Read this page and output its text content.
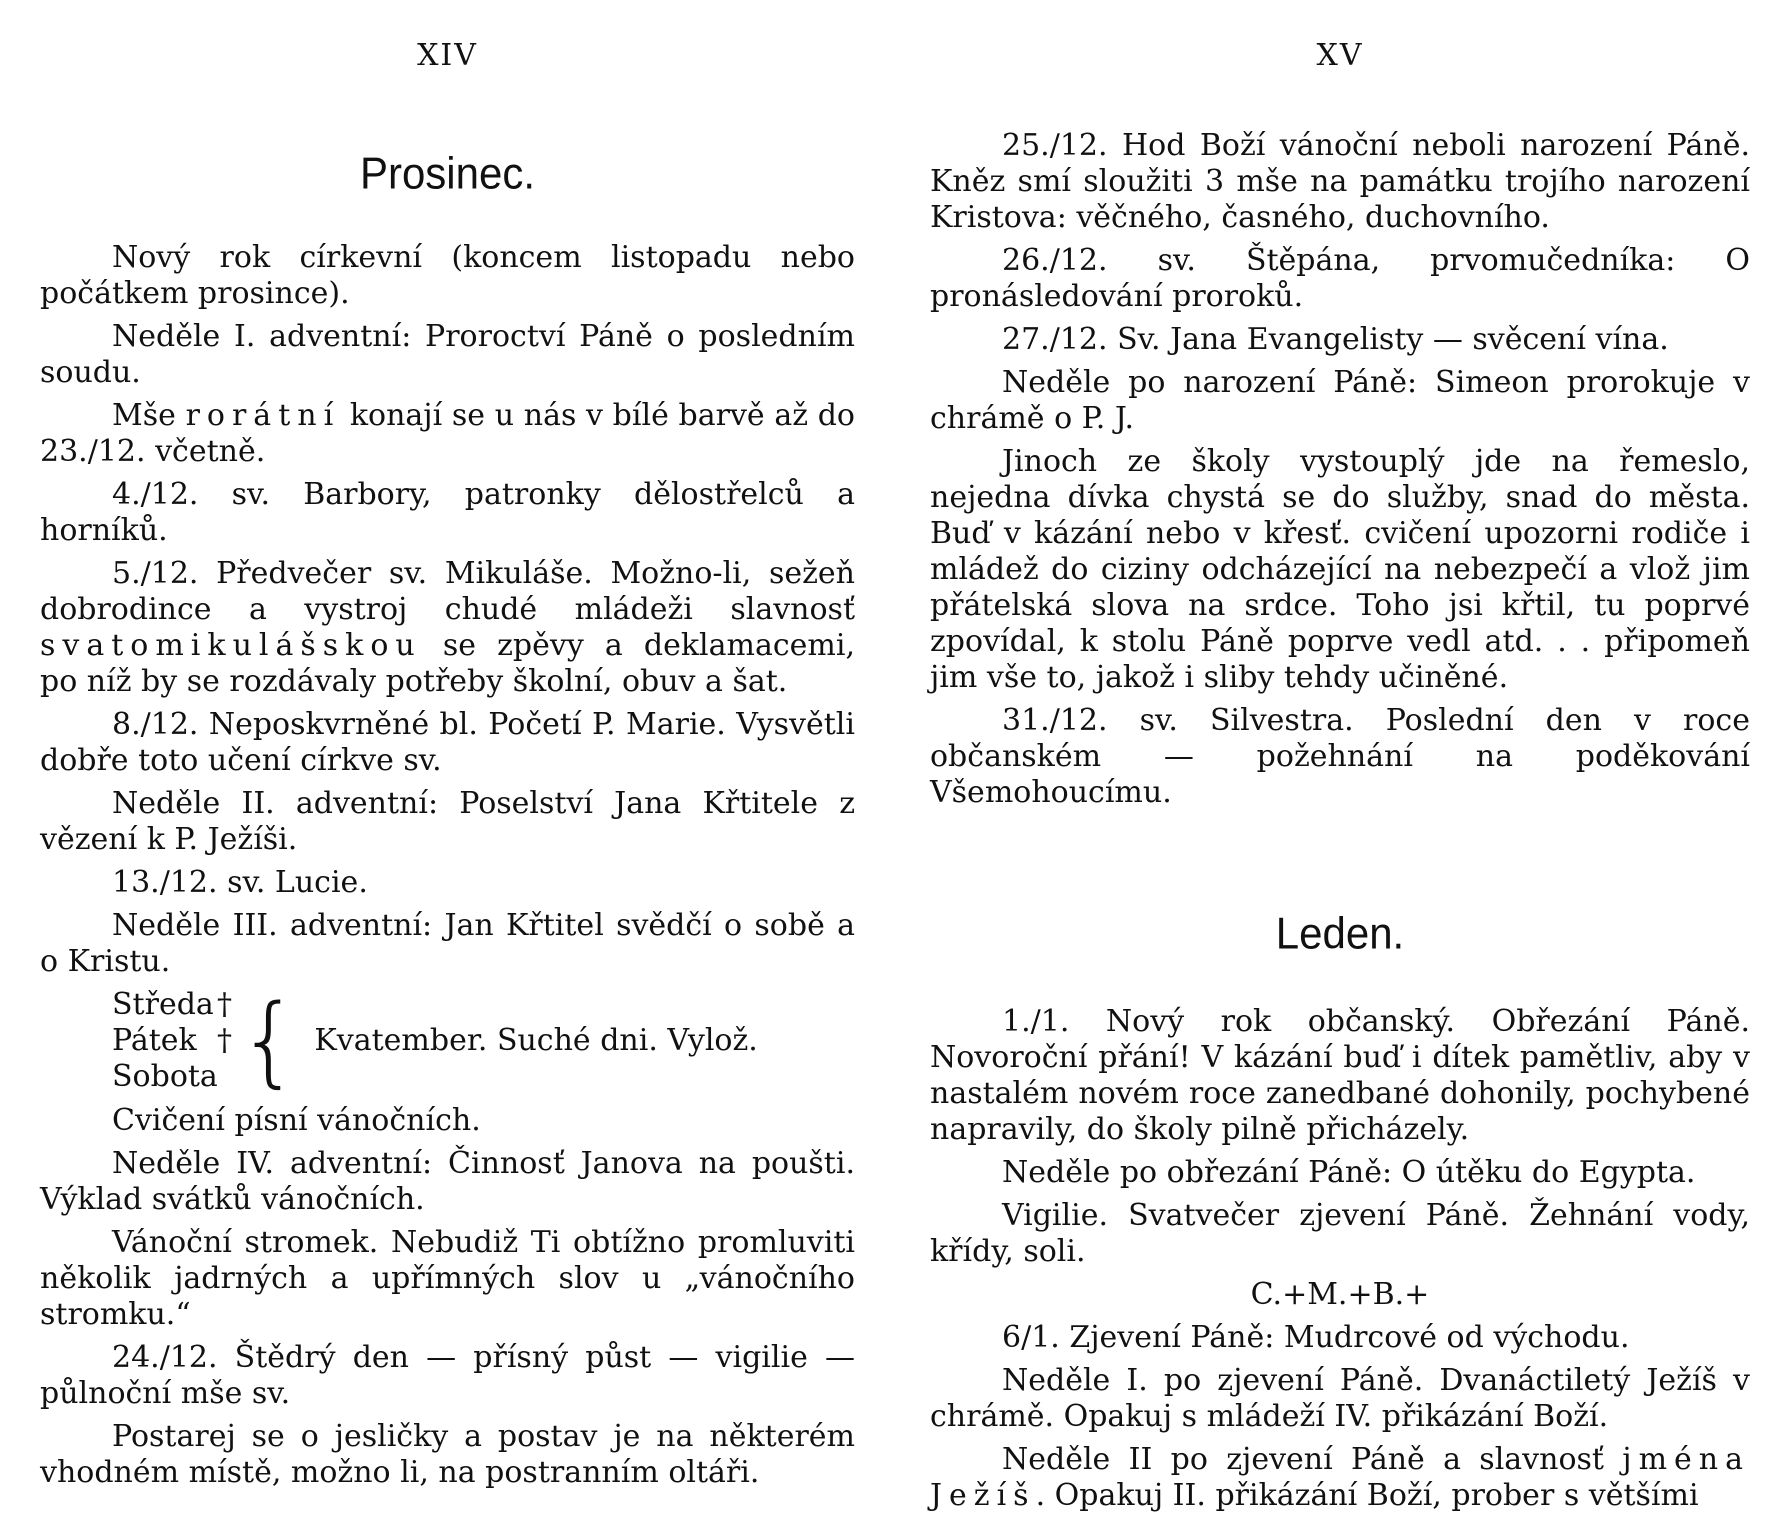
XIV
Prosinec.

Nový rok církevní (koncem listopadu nebo počátkem prosince).

Neděle I. adventní: Proroctví Páně o posledním soudu.

Mše rorátní konají se u nás v bílé barvě až do 23./12. včetně.

4./12. sv. Barbory, patronky dělostřelců a horníků.

5./12. Předvečer sv. Mikuláše. Možno-li, sežeň dobrodince a vystroj chudé mládeži slavnosť svatomikulášskou se zpěvy a deklamacemi, po níž by se rozdávaly potřeby školní, obuv a šat.

8./12. Neposkvrněné bl. Početí P. Marie. Vysvětli dobře toto učení církve sv.

Neděle II. adventní: Poselství Jana Křtitele z vězení k P. Ježíši.

13./12. sv. Lucie.

Neděle III. adventní: Jan Křtitel svědčí o sobě a o Kristu.

Středa †
Pátek †
Sobota { Kvatember. Suché dni. Vylož.

Cvičení písní vánočních.

Neděle IV. adventní: Činnosť Janova na poušti. Výklad svátků vánočních.

Vánoční stromek. Nebudiž Ti obtížno promluviti několik jadrných a upřímných slov u „vánočního stromku.“

24./12. Štědrý den — přísný půst — vigilie — půlnoční mše sv.

Postarej se o jesličky a postav je na některém vhodném místě, možno li, na postranním oltáři.

XV

25./12. Hod Boží vánoční neboli narození Páně. Kněz smí sloužiti 3 mše na památku trojího narození Kristova: věčného, časného, duchovního.

26./12. sv. Štěpána, prvomučedníka: O pronásledování proroků.

27./12. Sv. Jana Evangelisty — svěcení vína.

Neděle po narození Páně: Simeon prorokuje v chrámě o P. J.

Jinoch ze školy vystouplý jde na řemeslo, nejedna dívka chystá se do služby, snad do města. Buď v kázání nebo v křesť. cvičení upozorni rodiče i mládež do ciziny odcházející na nebezpečí a vlož jim přátelská slova na srdce. Toho jsi křtil, tu poprvé zpovídal, k stolu Páně poprve vedl atd. . . připomeň jim vše to, jakož i sliby tehdy učiněné.

31./12. sv. Silvestra. Poslední den v roce občanském — požehnání na poděkování Všemohoucímu.

Leden.

1./1. Nový rok občanský. Obřezání Páně. Novoroční přání! V kázání buď i dítek pamětliv, aby v nastalém novém roce zanedbané dohonily, pochybené napravily, do školy pilně přicházely.

Neděle po obřezání Páně: O útěku do Egypta.

Vigilie. Svatvečer zjevení Páně. Žehnání vody, křídy, soli.

C.+M.+B.+

6/1. Zjevení Páně: Mudrcové od východu.

Neděle I. po zjevení Páně. Dvanáctiletý Ježíš v chrámě. Opakuj s mládeží IV. přikázání Boží.

Neděle II po zjevení Páně a slavnosť jména Ježíš. Opakuj II. přikázání Boží, prober s většími
